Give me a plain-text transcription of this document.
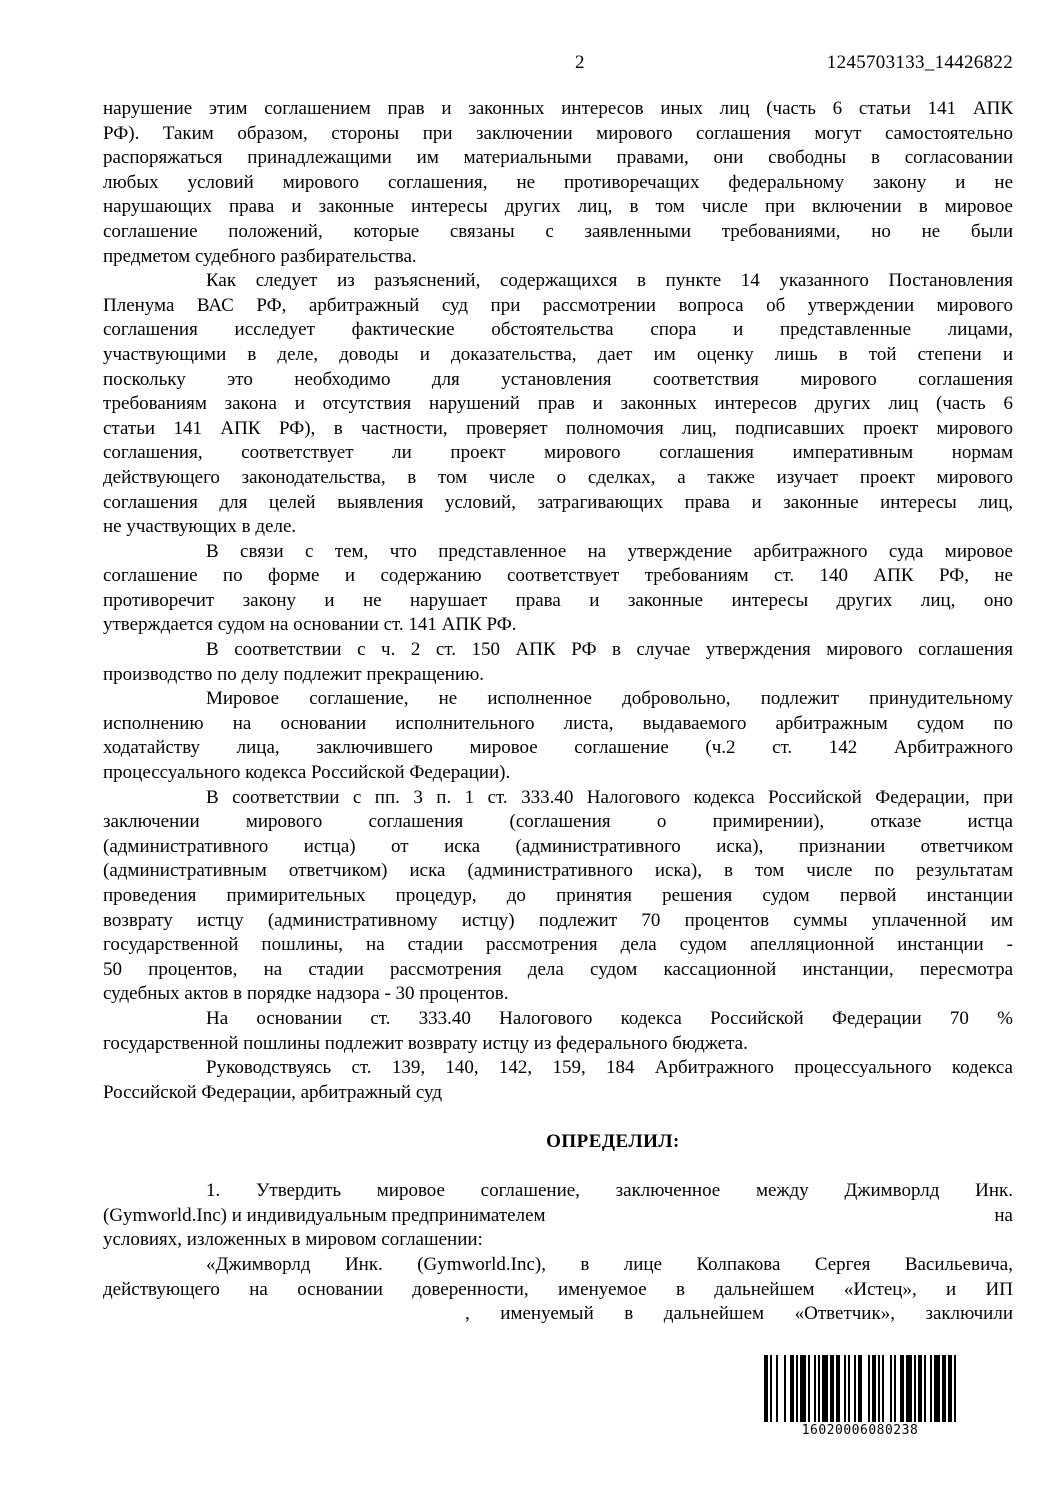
2	1245703133_14426822
нарушение этим соглашением прав и законных интересов иных лиц (часть 6 статьи 141 АПК
РФ). Таким образом, стороны при заключении мирового соглашения могут самостоятельно
распоряжаться принадлежащими им материальными правами, они свободны в согласовании
любых условий мирового соглашения, не противоречащих федеральному закону и не
нарушающих права и законные интересы других лиц, в том числе при включении в мировое
соглашение положений, которые связаны с заявленными требованиями, но не были
предметом судебного разбирательства.
Как следует из разъяснений, содержащихся в пункте 14 указанного Постановления
Пленума ВАС РФ, арбитражный суд при рассмотрении вопроса об утверждении мирового
соглашения исследует фактические обстоятельства спора и представленные лицами,
участвующими в деле, доводы и доказательства, дает им оценку лишь в той степени и
поскольку это необходимо для установления соответствия мирового соглашения
требованиям закона и отсутствия нарушений прав и законных интересов других лиц (часть 6
статьи 141 АПК РФ), в частности, проверяет полномочия лиц, подписавших проект мирового
соглашения, соответствует ли проект мирового соглашения императивным нормам
действующего законодательства, в том числе о сделках, а также изучает проект мирового
соглашения для целей выявления условий, затрагивающих права и законные интересы лиц,
не участвующих в деле.
В связи с тем, что представленное на утверждение арбитражного суда мировое
соглашение по форме и содержанию соответствует требованиям ст. 140 АПК РФ, не
противоречит закону и не нарушает права и законные интересы других лиц, оно
утверждается судом на основании ст. 141 АПК РФ.
В соответствии с ч. 2 ст. 150 АПК РФ в случае утверждения мирового соглашения
производство по делу подлежит прекращению.
Мировое соглашение, не исполненное добровольно, подлежит принудительному
исполнению на основании исполнительного листа, выдаваемого арбитражным судом по
ходатайству лица, заключившего мировое соглашение (ч.2 ст. 142 Арбитражного
процессуального кодекса Российской Федерации).
В соответствии с пп. 3 п. 1 ст. 333.40 Налогового кодекса Российской Федерации, при
заключении мирового соглашения (соглашения о примирении), отказе истца
(административного истца) от иска (административного иска), признании ответчиком
(административным ответчиком) иска (административного иска), в том числе по результатам
проведения примирительных процедур, до принятия решения судом первой инстанции
возврату истцу (административному истцу) подлежит 70 процентов суммы уплаченной им
государственной пошлины, на стадии рассмотрения дела судом апелляционной инстанции -
50 процентов, на стадии рассмотрения дела судом кассационной инстанции, пересмотра
судебных актов в порядке надзора - 30 процентов.
На основании ст. 333.40 Налогового кодекса Российской Федерации 70 %
государственной пошлины подлежит возврату истцу из федерального бюджета.
Руководствуясь ст. 139, 140, 142, 159, 184 Арбитражного процессуального кодекса
Российской Федерации, арбитражный суд
ОПРЕДЕЛИЛ:
1. Утвердить мировое соглашение, заключенное между Джимворлд Инк.
(Gymworld.Inc) и индивидуальным предпринимателем	на
условиях, изложенных в мировом соглашении:
«Джимворлд Инк. (Gymworld.Inc), в лице Колпакова Сергея Васильевича,
действующего на основании доверенности, именуемое в дальнейшем «Истец», и ИП
, именуемый в дальнейшем «Ответчик», заключили
16020006080238
